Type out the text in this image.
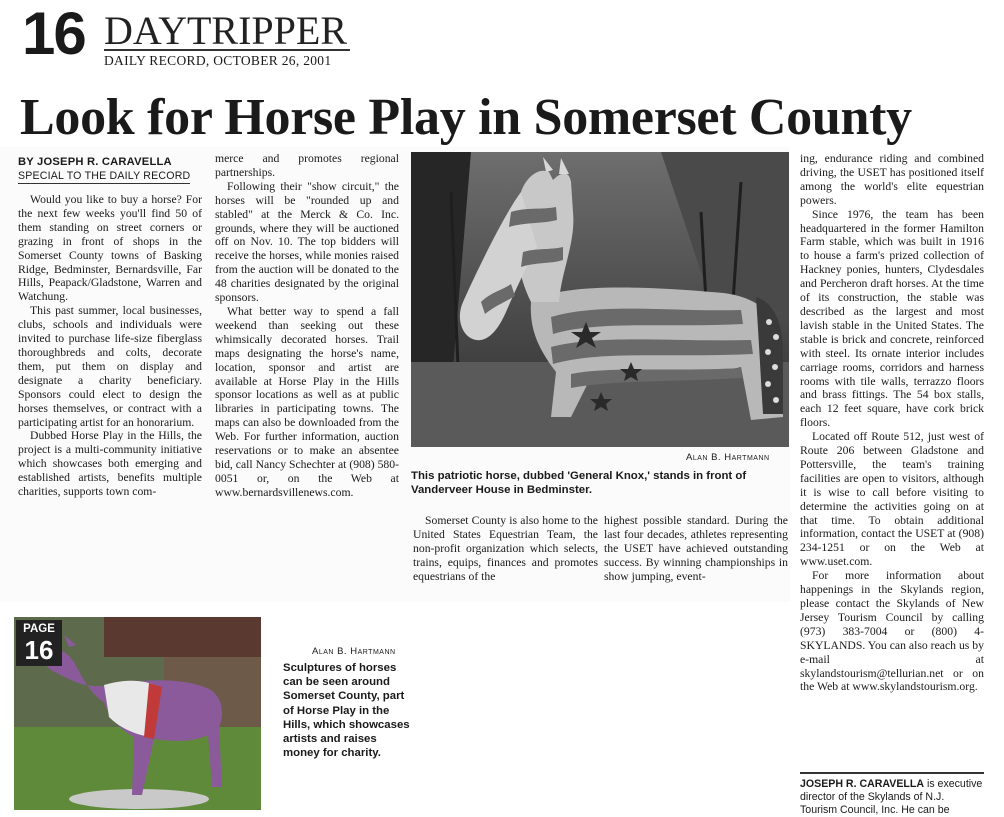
16 DAYTRIPPER
DAILY RECORD, OCTOBER 26, 2001
Look for Horse Play in Somerset County
BY JOSEPH R. CARAVELLA
SPECIAL TO THE DAILY RECORD

Would you like to buy a horse? For the next few weeks you'll find 50 of them standing on street corners or grazing in front of shops in the Somerset County towns of Basking Ridge, Bedminster, Bernardsville, Far Hills, Peapack/Gladstone, Warren and Watchung.

This past summer, local businesses, clubs, schools and individuals were invited to purchase life-size fiberglass thoroughbreds and colts, decorate them, put them on display and designate a charity beneficiary. Sponsors could elect to design the horses themselves, or contract with a participating artist for an honorarium.

Dubbed Horse Play in the Hills, the project is a multi-community initiative which showcases both emerging and established artists, benefits multiple charities, supports town com-

merce and promotes regional partnerships.

Following their "show circuit," the horses will be "rounded up and stabled" at the Merck & Co. Inc. grounds, where they will be auctioned off on Nov. 10. The top bidders will receive the horses, while monies raised from the auction will be donated to the 48 charities designated by the original sponsors.

What better way to spend a fall weekend than seeking out these whimsically decorated horses. Trail maps designating the horse's name, location, sponsor and artist are available at Horse Play in the Hills sponsor locations as well as at public libraries in participating towns. The maps can also be downloaded from the Web. For further information, auction reservations or to make an absentee bid, call Nancy Schechter at (908) 580-0051 or, on the Web at www.bernardsvillenews.com.

Alan B. Hartmann
This patriotic horse, dubbed 'General Knox,' stands in front of Vanderveer House in Bedminster.

Somerset County is also home to the United States Equestrian Team, the non-profit organization which selects, trains, equips, finances and promotes equestrians of the

highest possible standard. During the last four decades, athletes representing the USET have achieved outstanding success. By winning championships in show jumping, event-

ing, endurance riding and combined driving, the USET has positioned itself among the world's elite equestrian powers.

Since 1976, the team has been headquartered in the former Hamilton Farm stable, which was built in 1916 to house a farm's prized collection of Hackney ponies, hunters, Clydesdales and Percheron draft horses. At the time of its construction, the stable was described as the largest and most lavish stable in the United States. The stable is brick and concrete, reinforced with steel. Its ornate interior includes carriage rooms, corridors and harness rooms with tile walls, terrazzo floors and brass fittings. The 54 box stalls, each 12 feet square, have cork brick floors.

Located off Route 512, just west of Route 206 between Gladstone and Pottersville, the team's training facilities are open to visitors, although it is wise to call before visiting to determine the activities going on at that time. To obtain additional information, contact the USET at (908) 234-1251 or on the Web at www.uset.com.

For more information about happenings in the Skylands region, please contact the Skylands of New Jersey Tourism Council by calling (973) 383-7004 or (800) 4-SKYLANDS. You can also reach us by e-mail at skylandstourism@tellurian.net or on the Web at www.skylandstourism.org.

JOSEPH R. CARAVELLA is executive director of the Skylands of N.J. Tourism Council, Inc. He can be
PAGE
16	Alan B. Hartmann
Sculptures of horses can be seen around Somerset County, part of Horse Play in the Hills, which showcases artists and raises money for charity.
